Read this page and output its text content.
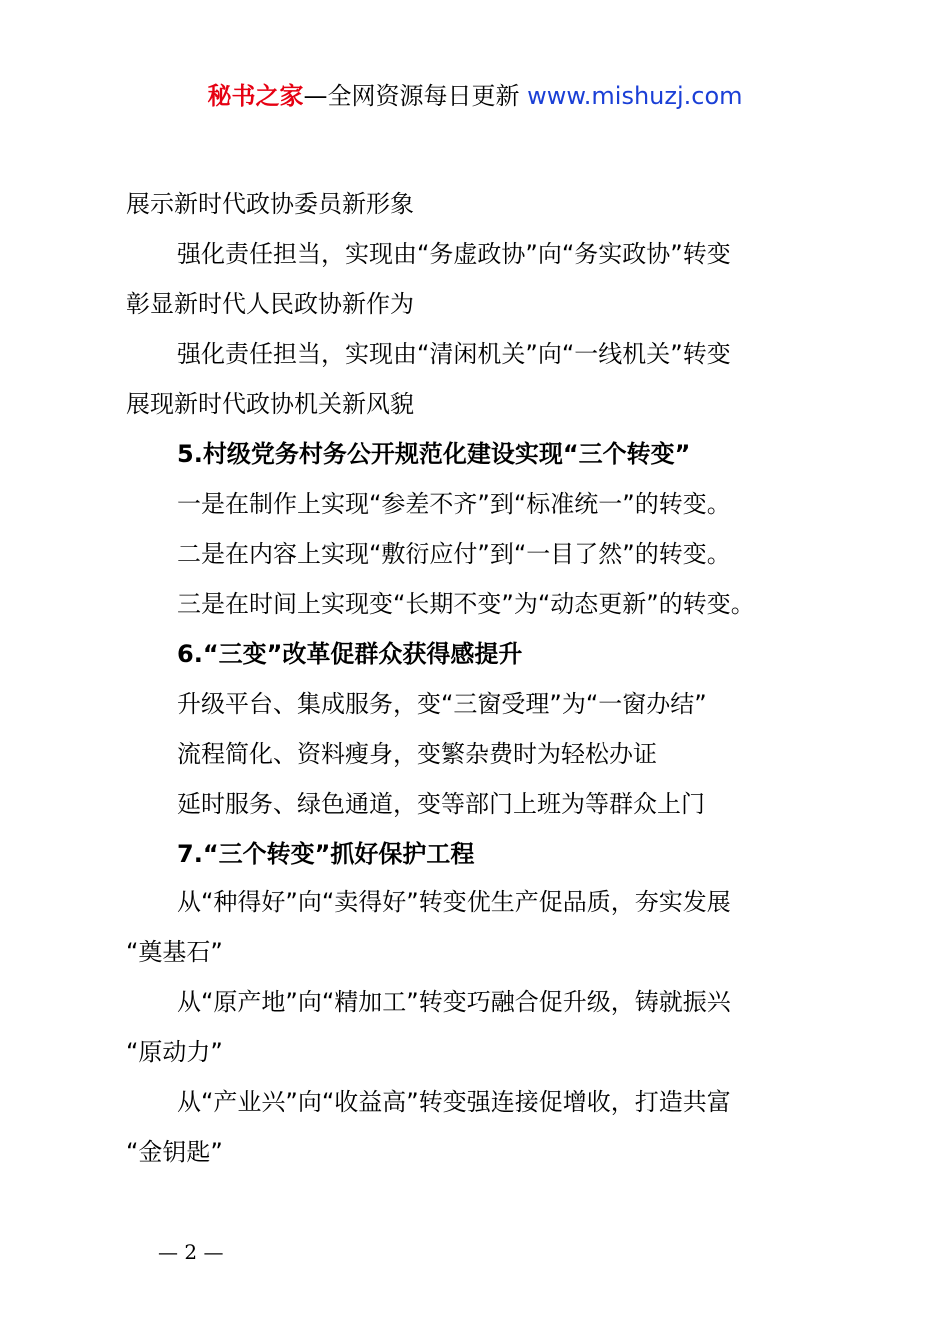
秘书之家—全网资源每日更新 www.mishuzj.com
展示新时代政协委员新形象
强化责任担当，实现由“务虚政协”向“务实政协”转变
彰显新时代人民政协新作为
强化责任担当，实现由“清闲机关”向“一线机关”转变
展现新时代政协机关新风貌
5.村级党务村务公开规范化建设实现“三个转变”
一是在制作上实现“参差不齐”到“标准统一”的转变。
二是在内容上实现“敷衍应付”到“一目了然”的转变。
三是在时间上实现变“长期不变”为“动态更新”的转变。
6.“三变”改革促群众获得感提升
升级平台、集成服务，变“三窗受理”为“一窗办结”
流程简化、资料瘦身，变繁杂费时为轻松办证
延时服务、绿色通道，变等部门上班为等群众上门
7.“三个转变”抓好保护工程
从“种得好”向“卖得好”转变优生产促品质，夯实发展
“奠基石”
从“原产地”向“精加工”转变巧融合促升级，铸就振兴
“原动力”
从“产业兴”向“收益高”转变强连接促增收，打造共富
“金钥匙”
— 2 —
